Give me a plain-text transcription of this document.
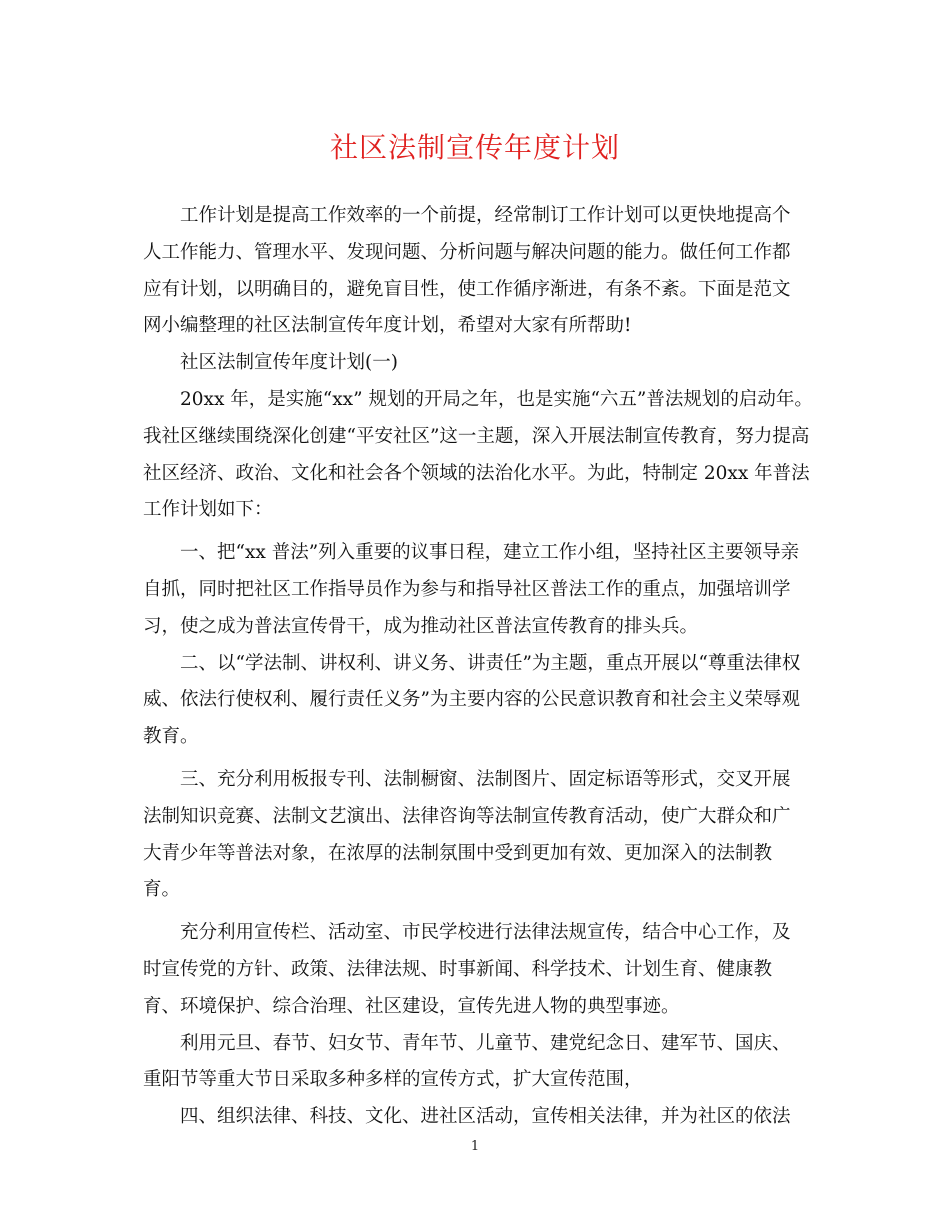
社区法制宣传年度计划

工作计划是提高工作效率的一个前提，经常制订工作计划可以更快地提高个
人工作能力、管理水平、发现问题、分析问题与解决问题的能力。做任何工作都
应有计划，以明确目的，避免盲目性，使工作循序渐进，有条不紊。下面是范文
网小编整理的社区法制宣传年度计划，希望对大家有所帮助!

社区法制宣传年度计划(一)

20xx 年，是实施“xx” 规划的开局之年，也是实施“六五”普法规划的启动年。
我社区继续围绕深化创建“平安社区”这一主题，深入开展法制宣传教育，努力提高
社区经济、政治、文化和社会各个领域的法治化水平。为此，特制定 20xx 年普法
工作计划如下：

一、把“xx 普法”列入重要的议事日程，建立工作小组，坚持社区主要领导亲
自抓，同时把社区工作指导员作为参与和指导社区普法工作的重点，加强培训学
习，使之成为普法宣传骨干，成为推动社区普法宣传教育的排头兵。

二、以“学法制、讲权利、讲义务、讲责任”为主题，重点开展以“尊重法律权
威、依法行使权利、履行责任义务”为主要内容的公民意识教育和社会主义荣辱观
教育。

三、充分利用板报专刊、法制橱窗、法制图片、固定标语等形式，交叉开展
法制知识竞赛、法制文艺演出、法律咨询等法制宣传教育活动，使广大群众和广
大青少年等普法对象，在浓厚的法制氛围中受到更加有效、更加深入的法制教
育。

充分利用宣传栏、活动室、市民学校进行法律法规宣传，结合中心工作，及
时宣传党的方针、政策、法律法规、时事新闻、科学技术、计划生育、健康教
育、环境保护、综合治理、社区建设，宣传先进人物的典型事迹。

利用元旦、春节、妇女节、青年节、儿童节、建党纪念日、建军节、国庆、
重阳节等重大节日采取多种多样的宣传方式，扩大宣传范围，

四、组织法律、科技、文化、进社区活动，宣传相关法律，并为社区的依法

1
